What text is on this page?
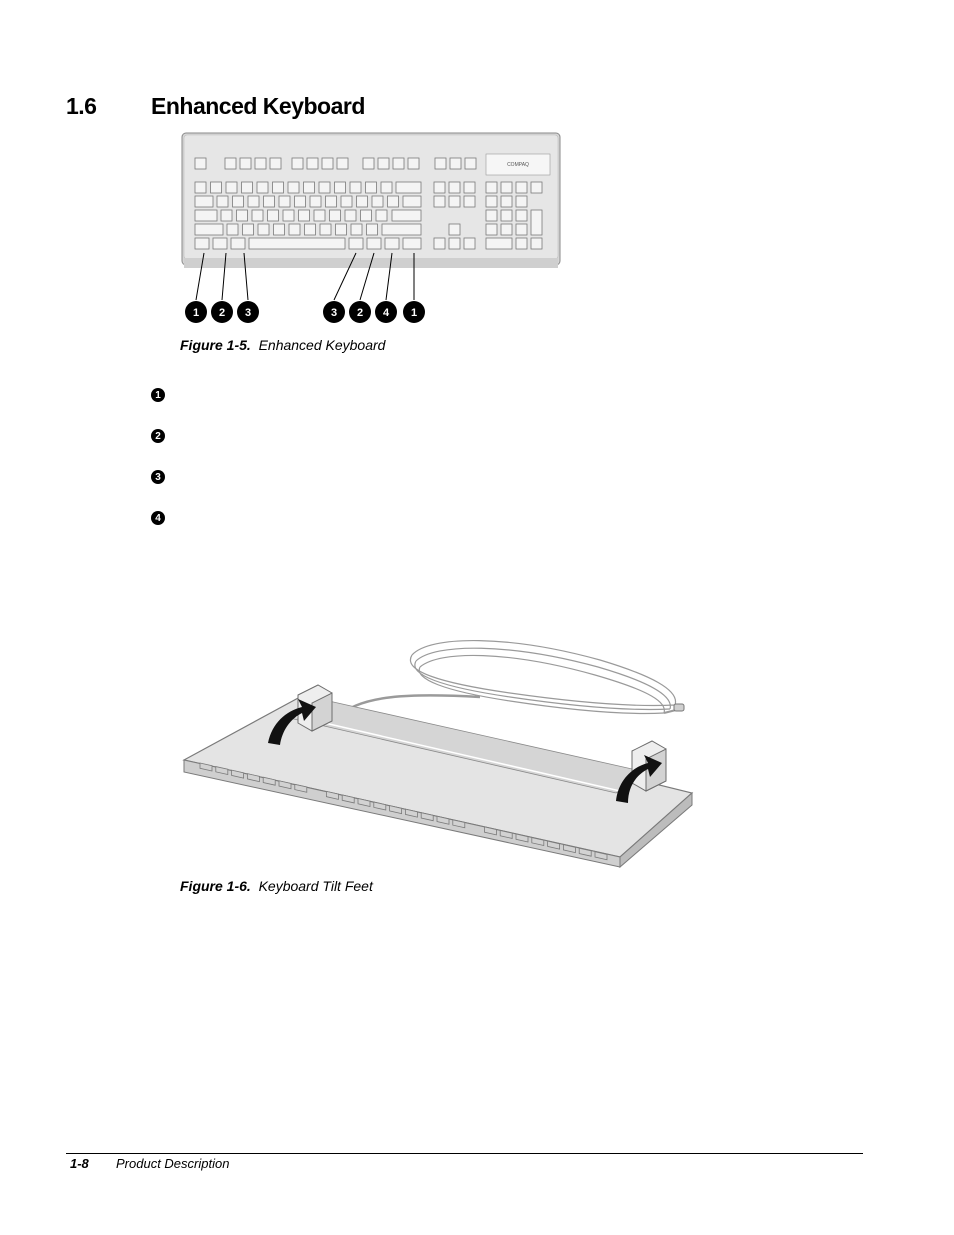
1.6	Enhanced Keyboard
COMPAQ
1 2 3	3 2 4 1
Figure 1-5. Enhanced Keyboard
1
2
3
4
Figure 1-6. Keyboard Tilt Feet
1-8	Product Description
